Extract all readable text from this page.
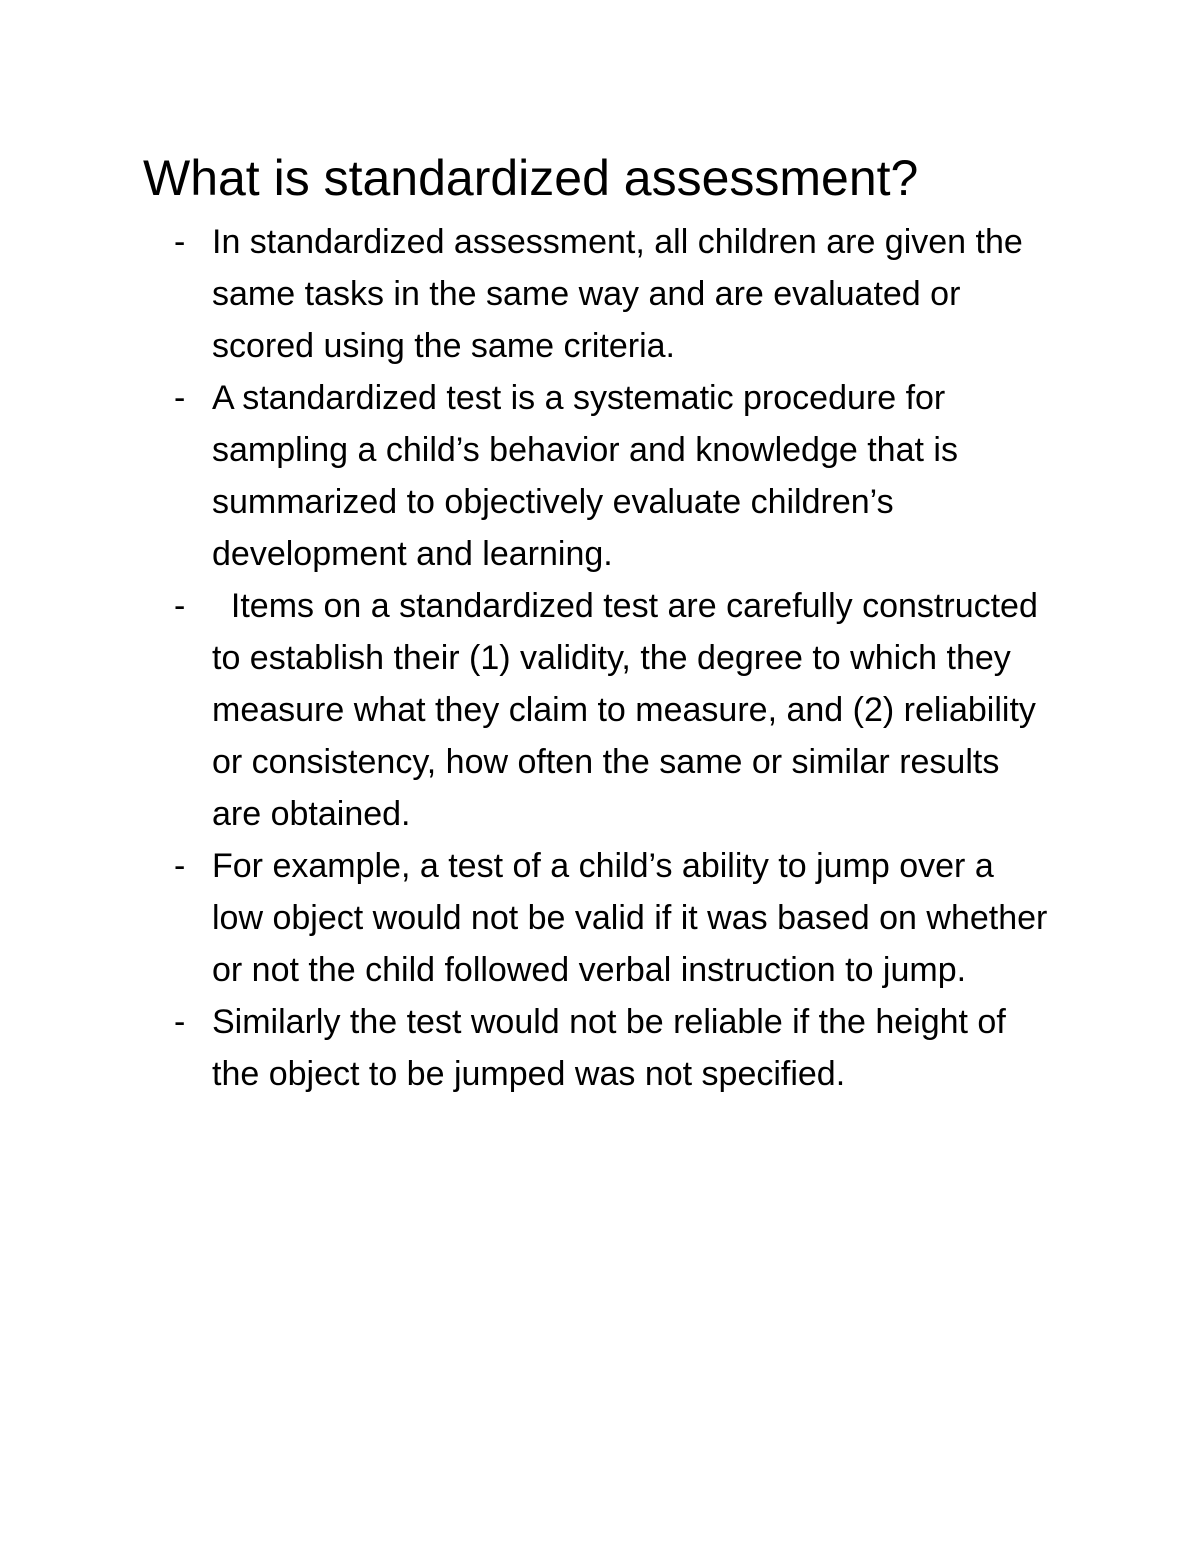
What is standardized assessment?
- In standardized assessment, all children are given the same tasks in the same way and are evaluated or scored using the same criteria.
- A standardized test is a systematic procedure for sampling a child’s behavior and knowledge that is summarized to objectively evaluate children’s development and learning.
- Items on a standardized test are carefully constructed to establish their (1) validity, the degree to which they measure what they claim to measure, and (2) reliability or consistency, how often the same or similar results are obtained.
- For example, a test of a child’s ability to jump over a low object would not be valid if it was based on whether or not the child followed verbal instruction to jump.
- Similarly the test would not be reliable if the height of the object to be jumped was not specified.
